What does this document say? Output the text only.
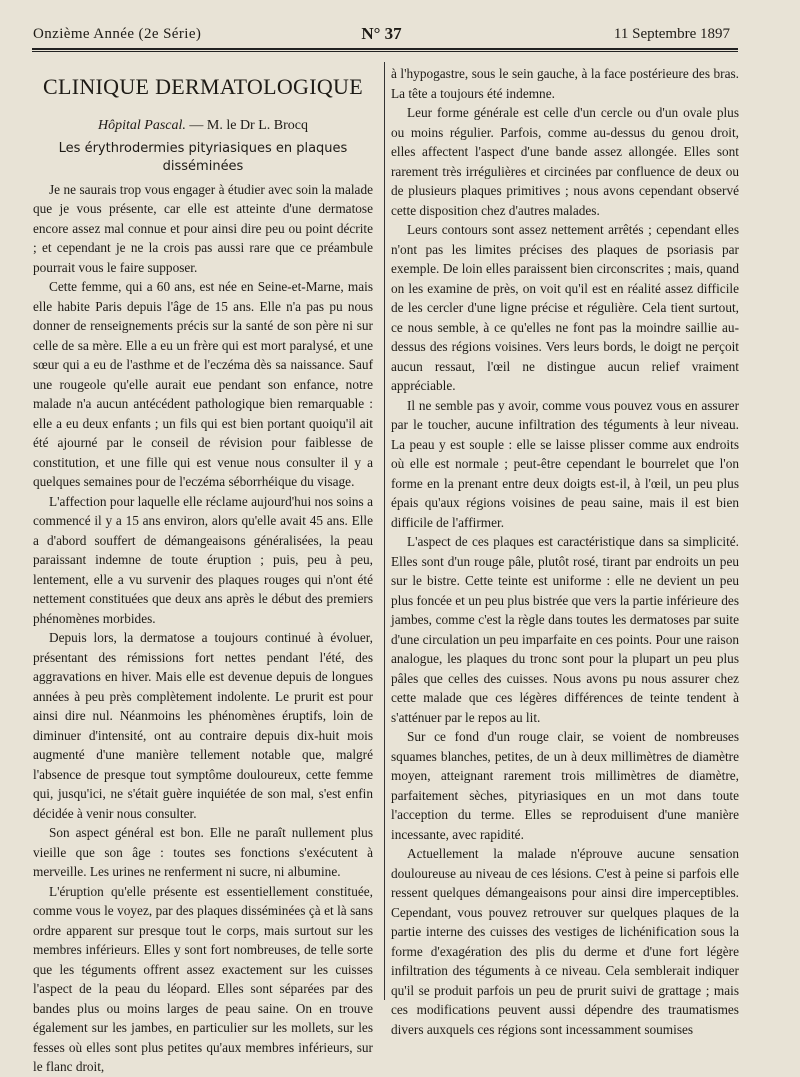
Onzième Année (2e Série)	N° 37	11 Septembre 1897
CLINIQUE DERMATOLOGIQUE
Hôpital Pascal. — M. le Dr L. Brocq
Les érythrodermies pityriasiques en plaques disséminées

Je ne saurais trop vous engager à étudier avec soin la malade que je vous présente, car elle est atteinte d'une dermatose encore assez mal connue et pour ainsi dire peu ou point décrite ; et cependant je ne la crois pas aussi rare que ce préambule pourrait vous le faire supposer.

Cette femme, qui a 60 ans, est née en Seine-et-Marne, mais elle habite Paris depuis l'âge de 15 ans. Elle n'a pas pu nous donner de renseignements précis sur la santé de son père ni sur celle de sa mère. Elle a eu un frère qui est mort paralysé, et une sœur qui a eu de l'asthme et de l'eczéma dès sa naissance. Sauf une rougeole qu'elle aurait eue pendant son enfance, notre malade n'a aucun antécédent pathologique bien remarquable : elle a eu deux enfants ; un fils qui est bien portant quoiqu'il ait été ajourné par le conseil de révision pour faiblesse de constitution, et une fille qui est venue nous consulter il y a quelques semaines pour de l'eczéma séborrhéique du visage.

L'affection pour laquelle elle réclame aujourd'hui nos soins a commencé il y a 15 ans environ, alors qu'elle avait 45 ans. Elle a d'abord souffert de démangeaisons généralisées, la peau paraissant indemne de toute éruption ; puis, peu à peu, lentement, elle a vu survenir des plaques rouges qui n'ont été nettement constituées que deux ans après le début des premiers phénomènes morbides.

Depuis lors, la dermatose a toujours continué à évoluer, présentant des rémissions fort nettes pendant l'été, des aggravations en hiver. Mais elle est devenue depuis de longues années à peu près complètement indolente. Le prurit est pour ainsi dire nul. Néanmoins les phénomènes éruptifs, loin de diminuer d'intensité, ont au contraire depuis dix-huit mois augmenté d'une manière tellement notable que, malgré l'absence de presque tout symptôme douloureux, cette femme qui, jusqu'ici, ne s'était guère inquiétée de son mal, s'est enfin décidée à venir nous consulter.

Son aspect général est bon. Elle ne paraît nullement plus vieille que son âge : toutes ses fonctions s'exécutent à merveille. Les urines ne renferment ni sucre, ni albumine.

L'éruption qu'elle présente est essentiellement constituée, comme vous le voyez, par des plaques disséminées çà et là sans ordre apparent sur presque tout le corps, mais surtout sur les membres inférieurs. Elles y sont fort nombreuses, de telle sorte que les téguments offrent assez exactement sur les cuisses l'aspect de la peau du léopard. Elles sont séparées par des bandes plus ou moins larges de peau saine. On en trouve également sur les jambes, en particulier sur les mollets, sur les fesses où elles sont plus petites qu'aux membres inférieurs, sur le flanc droit,

à l'hypogastre, sous le sein gauche, à la face postérieure des bras. La tête a toujours été indemne.

Leur forme générale est celle d'un cercle ou d'un ovale plus ou moins régulier. Parfois, comme au-dessus du genou droit, elles affectent l'aspect d'une bande assez allongée. Elles sont rarement très irrégulières et circinées par confluence de deux ou de plusieurs plaques primitives ; nous avons cependant observé cette disposition chez d'autres malades.

Leurs contours sont assez nettement arrêtés ; cependant elles n'ont pas les limites précises des plaques de psoriasis par exemple. De loin elles paraissent bien circonscrites ; mais, quand on les examine de près, on voit qu'il est en réalité assez difficile de les cercler d'une ligne précise et régulière. Cela tient surtout, ce nous semble, à ce qu'elles ne font pas la moindre saillie au-dessus des régions voisines. Vers leurs bords, le doigt ne perçoit aucun ressaut, l'œil ne distingue aucun relief vraiment appréciable.

Il ne semble pas y avoir, comme vous pouvez vous en assurer par le toucher, aucune infiltration des téguments à leur niveau. La peau y est souple : elle se laisse plisser comme aux endroits où elle est normale ; peut-être cependant le bourrelet que l'on forme en la prenant entre deux doigts est-il, à l'œil, un peu plus épais qu'aux régions voisines de peau saine, mais il est bien difficile de l'affirmer.

L'aspect de ces plaques est caractéristique dans sa simplicité. Elles sont d'un rouge pâle, plutôt rosé, tirant par endroits un peu sur le bistre. Cette teinte est uniforme : elle ne devient un peu plus foncée et un peu plus bistrée que vers la partie inférieure des jambes, comme c'est la règle dans toutes les dermatoses par suite d'une circulation un peu imparfaite en ces points. Pour une raison analogue, les plaques du tronc sont pour la plupart un peu plus pâles que celles des cuisses. Nous avons pu nous assurer chez cette malade que ces légères différences de teinte tendent à s'atténuer par le repos au lit.

Sur ce fond d'un rouge clair, se voient de nombreuses squames blanches, petites, de un à deux millimètres de diamètre moyen, atteignant rarement trois millimètres de diamètre, parfaitement sèches, pityriasiques en un mot dans toute l'acception du terme. Elles se reproduisent d'une manière incessante, avec rapidité.

Actuellement la malade n'éprouve aucune sensation douloureuse au niveau de ces lésions. C'est à peine si parfois elle ressent quelques démangeaisons pour ainsi dire imperceptibles. Cependant, vous pouvez retrouver sur quelques plaques de la partie interne des cuisses des vestiges de lichénification sous la forme d'exagération des plis du derme et d'une fort légère infiltration des téguments à ce niveau. Cela semblerait indiquer qu'il se produit parfois un peu de prurit suivi de grattage ; mais ces modifications peuvent aussi dépendre des traumatismes divers auxquels ces régions sont incessamment soumises
